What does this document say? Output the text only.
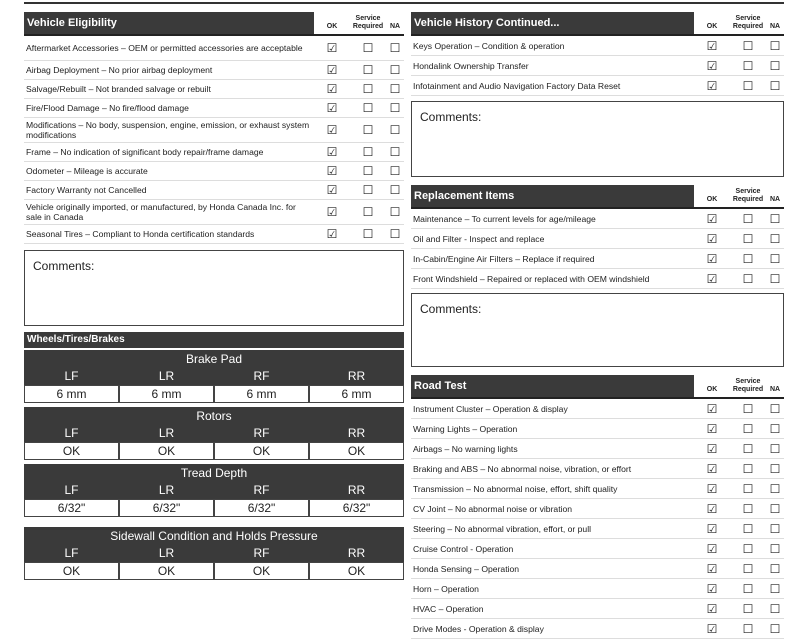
Vehicle Eligibility	OK
Service Required NA
Aftermarket Accessories – OEM or permitted accessories are acceptable	☑	☐	☐
Airbag Deployment – No prior airbag deployment	☑	☐	☐
Salvage/Rebuilt – Not branded salvage or rebuilt	☑	☐	☐
Fire/Flood Damage – No fire/flood damage	☑	☐	☐
Modifications – No body, suspension, engine, emission, or exhaust system modifications	☑	☐	☐
Frame – No indication of significant body repair/frame damage	☑	☐	☐
Odometer – Mileage is accurate	☑	☐	☐
Factory Warranty not Cancelled	☑	☐	☐
Vehicle originally imported, or manufactured, by Honda Canada Inc. for sale in Canada	☑	☐	☐
Seasonal Tires – Compliant to Honda certification standards	☑	☐	☐
Comments:
Wheels/Tires/Brakes
Brake Pad
LF	LR	RF	RR
6 mm	6 mm	6 mm	6 mm
Rotors
LF	LR	RF	RR
OK	OK	OK	OK
Tread Depth
LF	LR	RF	RR
6/32"	6/32"	6/32"	6/32"
Sidewall Condition and Holds Pressure
LF	LR	RF	RR
OK	OK	OK	OK
Vehicle History Continued...	OK
Service Required NA
Keys Operation – Condition & operation	☑	☐	☐
Hondalink Ownership Transfer	☑	☐	☐
Infotainment and Audio Navigation Factory Data Reset	☑	☐	☐
Comments:
Replacement Items	OK
Service Required NA
Maintenance – To current levels for age/mileage	☑	☐	☐
Oil and Filter - Inspect and replace	☑	☐	☐
In-Cabin/Engine Air Filters – Replace if required	☑	☐	☐
Front Windshield – Repaired or replaced with OEM windshield	☑	☐	☐
Comments:
Road Test	OK
Service Required NA
Instrument Cluster – Operation & display	☑	☐	☐
Warning Lights – Operation	☑	☐	☐
Airbags – No warning lights	☑	☐	☐
Braking and ABS – No abnormal noise, vibration, or effort	☑	☐	☐
Transmission – No abnormal noise, effort, shift quality	☑	☐	☐
CV Joint – No abnormal noise or vibration	☑	☐	☐
Steering – No abnormal vibration, effort, or pull	☑	☐	☐
Cruise Control - Operation	☑	☐	☐
Honda Sensing – Operation	☑	☐	☐
Horn – Operation	☑	☐	☐
HVAC – Operation	☑	☐	☐
Drive Modes - Operation & display	☑	☐	☐
